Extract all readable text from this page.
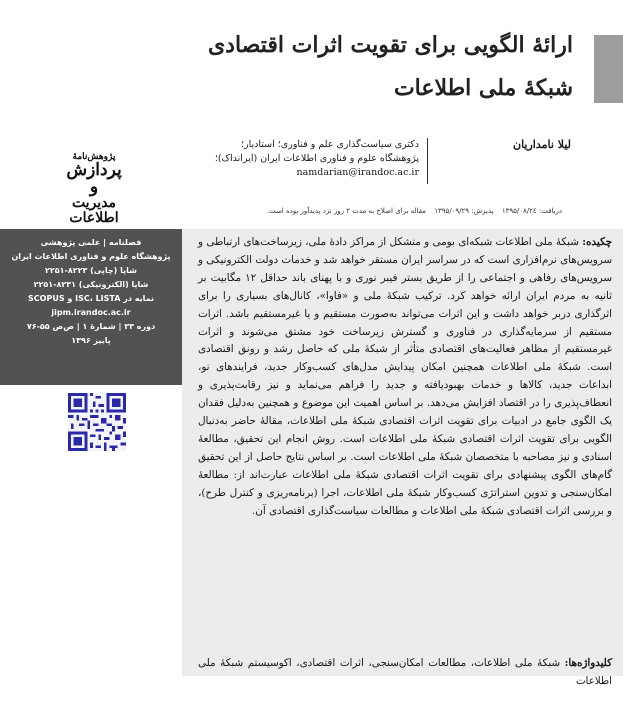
ارائهٔ الگویی برای تقویت اثرات اقتصادی
شبکهٔ ملی اطلاعات
لیلا نامداریان
دکتری سیاست‌گذاری علم و فناوری؛ استادیار؛
پژوهشگاه علوم و فناوری اطلاعات ایران (ایرانداک)؛
namdarian@irandoc.ac.ir
پژوهش‌نامهٔ
پردازش و
مدیریت
اطلاعات	دریافت: ۱۳۹۵/۰۸/۲٤ پذیرش: ۱۳۹۵/۰۹/۲۹ مقاله برای اصلاح به مدت ۲ روز نزد پدیدآور بوده است.
فصلنامه | علمی پژوهشی
پژوهشگاه علوم و فناوری اطلاعات ایران
شاپا (چاپی) ۸۲۲۳-۲۲۵۱
شاپا (الکترونیکی) ۸۲۳۱-۲۲۵۱
نمایه در ISC، LISTA و SCOPUS
jipm.irandoc.ac.ir
دوره ۳۳ | شمارهٔ ۱ | ص‌ص ۵۵-۷۶
پاییز ۱۳۹۶
چکیده: شبکهٔ ملی اطلاعات شبکه‌ای بومی و متشکل از مراکز دادهٔ ملی، زیرساخت‌های ارتباطی و سرویس‌های نرم‌افزاری است که در سراسر ایران مستقر خواهد شد و خدمات دولت الکترونیکی و سرویس‌های رفاهی و اجتماعی را از طریق بستر فیبر نوری و با پهنای باند حداقل ۱۲ مگابیت بر ثانیه به مردم ایران ارائه خواهد کرد. ترکیب شبکهٔ ملی و «فاوا»، کانال‌های بسیاری را برای اثرگذاری دربر خواهد داشت و این اثرات می‌تواند به‌صورت مستقیم و یا غیرمستقیم باشد. اثرات مستقیم از سرمایه‌گذاری در فناوری و گسترش زیرساخت خود مشتق می‌شوند و اثرات غیرمستقیم از مظاهر فعالیت‌های اقتصادی متأثر از شبکهٔ ملی که حاصل رشد و رونق اقتصادی است. شبکهٔ ملی اطلاعات همچنین امکان پیدایش مدل‌های کسب‌وکار جدید، فرایندهای نو، ابداعات جدید، کالاها و خدمات بهبودیافته و جدید را فراهم می‌نماید و نیز رقابت‌پذیری و انعطاف‌پذیری را در اقتصاد افزایش می‌دهد. بر اساس اهمیت این موضوع و همچنین به‌دلیل فقدان یک الگوی جامع در ادبیات برای تقویت اثرات اقتصادی شبکهٔ ملی اطلاعات، مقالهٔ حاضر به‌دنبال الگویی برای تقویت اثرات اقتصادی شبکهٔ ملی اطلاعات است. روش انجام این تحقیق، مطالعهٔ اسنادی و نیز مصاحبه با متخصصان شبکهٔ ملی اطلاعات است. بر اساس نتایج حاصل از این تحقیق گام‌های الگوی پیشنهادی برای تقویت اثرات اقتصادی شبکهٔ ملی اطلاعات عبارت‌اند از: مطالعهٔ امکان‌سنجی و تدوین استراتژی کسب‌وکار شبکهٔ ملی اطلاعات، اجرا (برنامه‌ریزی و کنترل طرح)، و بررسی اثرات اقتصادی شبکهٔ ملی اطلاعات و مطالعات سیاست‌گذاری اقتصادی آن.
کلیدواژه‌ها: شبکهٔ ملی اطلاعات، مطالعات امکان‌سنجی، اثرات اقتصادی، اکوسیستم شبکهٔ ملی اطلاعات
